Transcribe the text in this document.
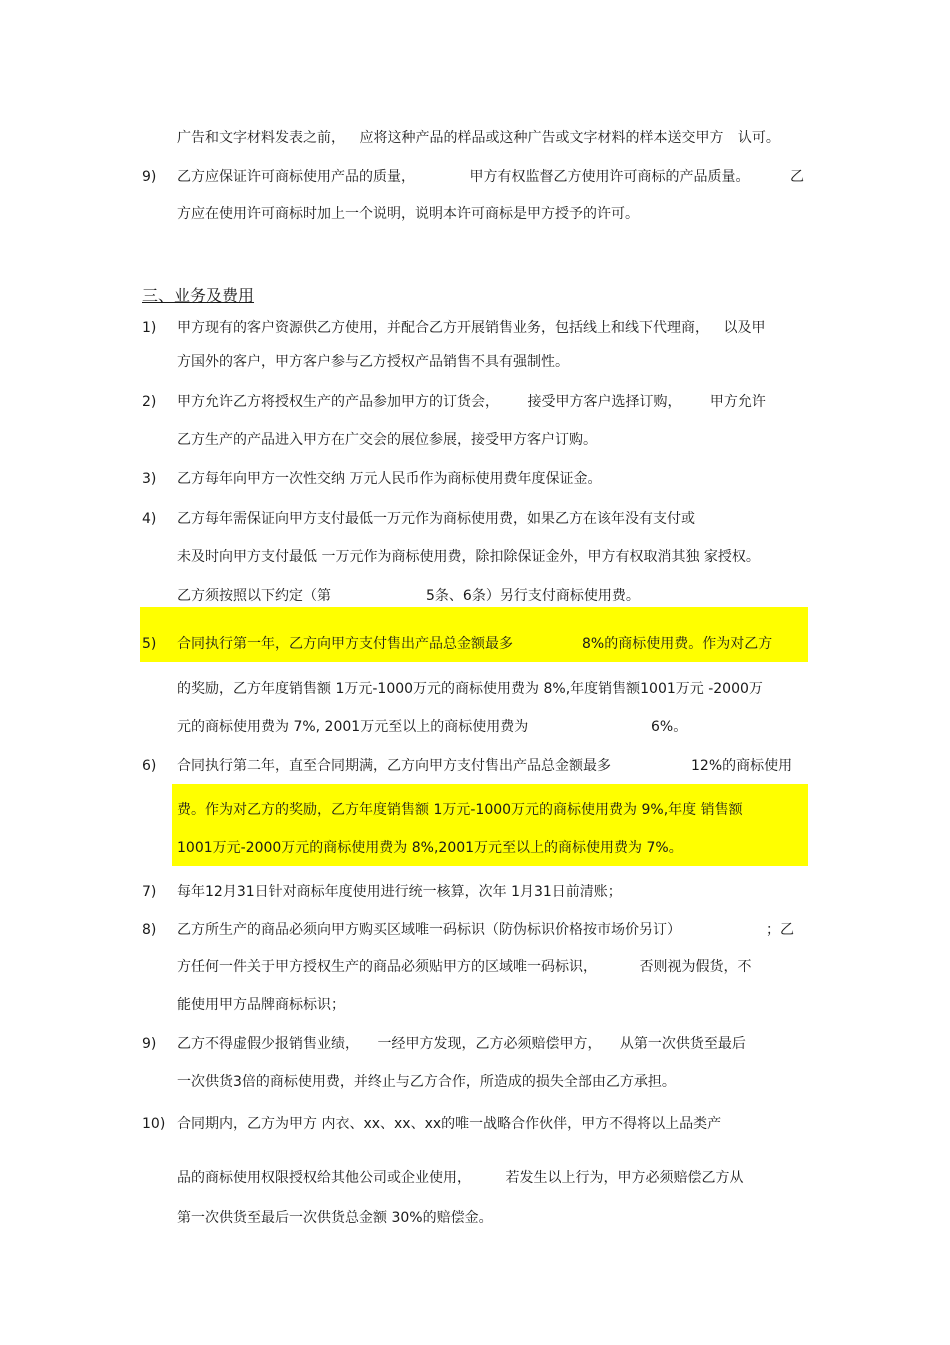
广告和文字材料发表之前， 应将这种产品的样品或这种广告或文字材料的样本送交甲方 认可。
9) 乙方应保证许可商标使用产品的质量， 甲方有权监督乙方使用许可商标的产品质量。	乙
方应在使用许可商标时加上一个说明，说明本许可商标是甲方授予的许可。
三、业务及费用
1) 甲方现有的客户资源供乙方使用，并配合乙方开展销售业务，包括线上和线下代理商， 以及甲
方国外的客户，甲方客户参与乙方授权产品销售不具有强制性。
2) 甲方允许乙方将授权生产的产品参加甲方的订货会， 接受甲方客户选择订购， 甲方允许
乙方生产的产品进入甲方在广交会的展位参展，接受甲方客户订购。
3) 乙方每年向甲方一次性交纳 万元人民币作为商标使用费年度保证金。
4) 乙方每年需保证向甲方支付最低一万元作为商标使用费，如果乙方在该年没有支付或
未及时向甲方支付最低 一万元作为商标使用费，除扣除保证金外，甲方有权取消其独 家授权。
乙方须按照以下约定（第	5条、6条）另行支付商标使用费。
5) 合同执行第一年，乙方向甲方支付售出产品总金额最多	8%的商标使用费。作为对乙方
的奖励，乙方年度销售额 1万元-1000万元的商标使用费为 8%,年度销售额1001万元 -2000万
元的商标使用费为 7%, 2001万元至以上的商标使用费为	6%。
6) 合同执行第二年，直至合同期满，乙方向甲方支付售出产品总金额最多	12%的商标使用
费。作为对乙方的奖励，乙方年度销售额 1万元-1000万元的商标使用费为 9%,年度 销售额
1001万元-2000万元的商标使用费为 8%,2001万元至以上的商标使用费为 7%。
7) 每年12月31日针对商标年度使用进行统一核算，次年 1月31日前清账；
8) 乙方所生产的商品必须向甲方购买区域唯一码标识（防伪标识价格按市场价另订）	；乙
方任何一件关于甲方授权生产的商品必须贴甲方的区域唯一码标识， 否则视为假货，不
能使用甲方品牌商标标识；
9) 乙方不得虚假少报销售业绩， 一经甲方发现，乙方必须赔偿甲方， 从第一次供货至最后
一次供货3倍的商标使用费，并终止与乙方合作，所造成的损失全部由乙方承担。
10) 合同期内，乙方为甲方 内衣、xx、xx、xx的唯一战略合作伙伴，甲方不得将以上品类产
品的商标使用权限授权给其他公司或企业使用， 若发生以上行为，甲方必须赔偿乙方从
第一次供货至最后一次供货总金额 30%的赔偿金。
